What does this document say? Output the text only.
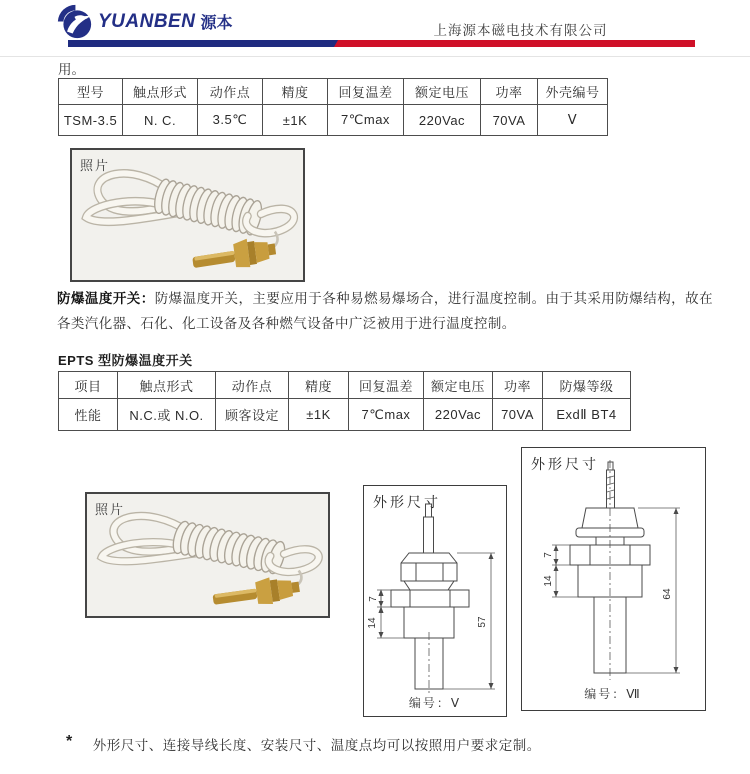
YUANBEN 源本	上海源本磁电技术有限公司
用。
型号	触点形式	动作点	精度	回复温差	额定电压	功率	外壳编号
TSM-3.5	N. C.	3.5℃	±1K	7℃max	220Vac	70VA	Ⅴ
照片

防爆温度开关：防爆温度开关，主要应用于各种易燃易爆场合，进行温度控制。由于其采用防爆结构，故在各类汽化器、石化、化工设备及各种燃气设备中广泛被用于进行温度控制。

EPTS 型防爆温度开关
项目	触点形式	动作点	精度	回复温差	额定电压	功率	防爆等级
性能	N.C.或 N.O.	顾客设定	±1K	7℃max	220Vac	70VA	ExdⅡ BT4
照片	外形尺寸
7
14	57
编号：Ⅴ
外形尺寸
7
14
64
编号：Ⅶ
* 外形尺寸、连接导线长度、安装尺寸、温度点均可以按照用户要求定制。
